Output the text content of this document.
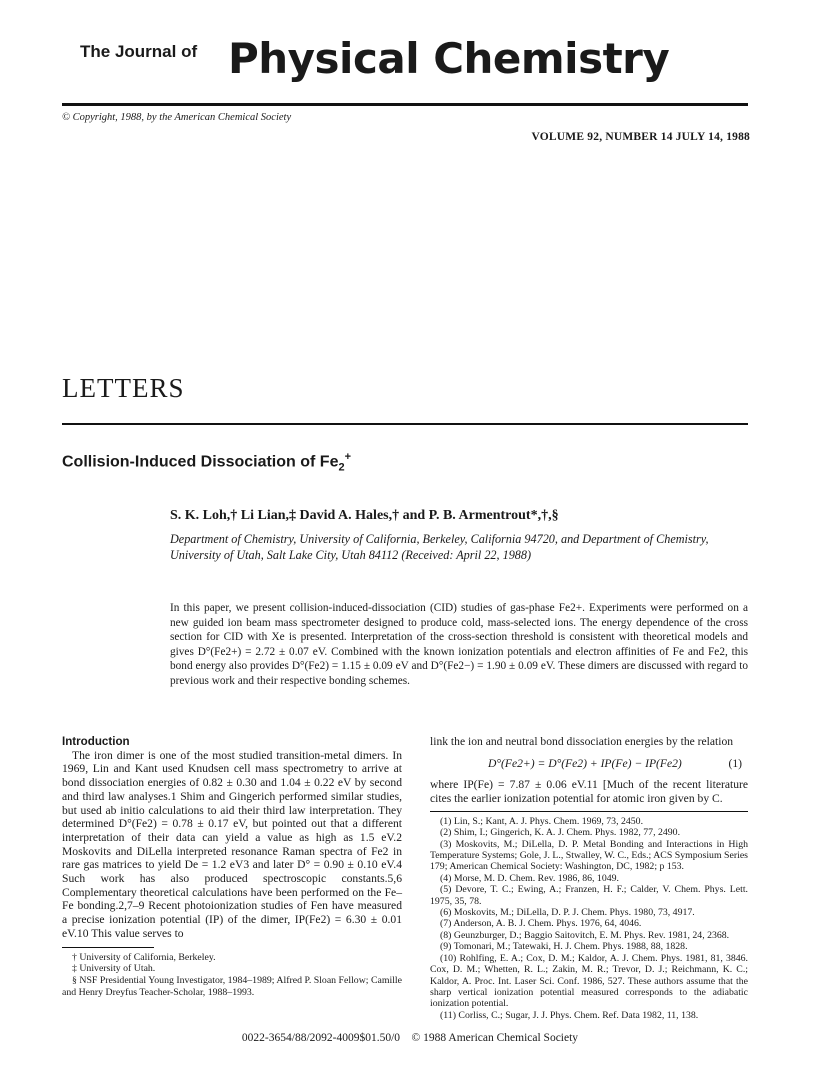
The Journal of Physical Chemistry
© Copyright, 1988, by the American Chemical Society
VOLUME 92, NUMBER 14 JULY 14, 1988
LETTERS
Collision-Induced Dissociation of $Fe_2^+$
S. K. Loh,† Li Lian,‡ David A. Hales,† and P. B. Armentrout*,†,§
Department of Chemistry, University of California, Berkeley, California 94720, and Department of Chemistry, University of Utah, Salt Lake City, Utah 84112 (Received: April 22, 1988)
In this paper, we present collision-induced-dissociation (CID) studies of gas-phase Fe2+. Experiments were performed on a new guided ion beam mass spectrometer designed to produce cold, mass-selected ions. The energy dependence of the cross section for CID with Xe is presented. Interpretation of the cross-section threshold is consistent with theoretical models and gives D°(Fe2+) = 2.72 ± 0.07 eV. Combined with the known ionization potentials and electron affinities of Fe and Fe2, this bond energy also provides D°(Fe2) = 1.15 ± 0.09 eV and D°(Fe2−) = 1.90 ± 0.09 eV. These dimers are discussed with regard to previous work and their respective bonding schemes.
Introduction
The iron dimer is one of the most studied transition-metal dimers. In 1969, Lin and Kant used Knudsen cell mass spectrometry to arrive at bond dissociation energies of 0.82 ± 0.30 and 1.04 ± 0.22 eV by second and third law analyses.1 Shim and Gingerich performed similar studies, but used ab initio calculations to aid their third law interpretation. They determined D°(Fe2) = 0.78 ± 0.17 eV, but pointed out that a different interpretation of their data can yield a value as high as 1.5 eV.2 Moskovits and DiLella interpreted resonance Raman spectra of Fe2 in rare gas matrices to yield De = 1.2 eV3 and later D° = 0.90 ± 0.10 eV.4 Such work has also produced spectroscopic constants.5,6 Complementary theoretical calculations have been performed on the Fe–Fe bonding.2,7–9 Recent photoionization studies of Fen have measured a precise ionization potential (IP) of the dimer, IP(Fe2) = 6.30 ± 0.01 eV.10 This value serves to
† University of California, Berkeley.
‡ University of Utah.
§ NSF Presidential Young Investigator, 1984–1989; Alfred P. Sloan Fellow; Camille and Henry Dreyfus Teacher-Scholar, 1988–1993.
link the ion and neutral bond dissociation energies by the relation
D°(Fe2+) = D°(Fe2) + IP(Fe) − IP(Fe2)	(1)
where IP(Fe) = 7.87 ± 0.06 eV.11 [Much of the recent literature cites the earlier ionization potential for atomic iron given by C.
(1) Lin, S.; Kant, A. J. Phys. Chem. 1969, 73, 2450.
(2) Shim, I.; Gingerich, K. A. J. Chem. Phys. 1982, 77, 2490.
(3) Moskovits, M.; DiLella, D. P. Metal Bonding and Interactions in High Temperature Systems; Gole, J. L., Stwalley, W. C., Eds.; ACS Symposium Series 179; American Chemical Society: Washington, DC, 1982; p 153.
(4) Morse, M. D. Chem. Rev. 1986, 86, 1049.
(5) Devore, T. C.; Ewing, A.; Franzen, H. F.; Calder, V. Chem. Phys. Lett. 1975, 35, 78.
(6) Moskovits, M.; DiLella, D. P. J. Chem. Phys. 1980, 73, 4917.
(7) Anderson, A. B. J. Chem. Phys. 1976, 64, 4046.
(8) Geunzburger, D.; Baggio Saitovitch, E. M. Phys. Rev. 1981, 24, 2368.
(9) Tomonari, M.; Tatewaki, H. J. Chem. Phys. 1988, 88, 1828.
(10) Rohlfing, E. A.; Cox, D. M.; Kaldor, A. J. Chem. Phys. 1981, 81, 3846. Cox, D. M.; Whetten, R. L.; Zakin, M. R.; Trevor, D. J.; Reichmann, K. C.; Kaldor, A. Proc. Int. Laser Sci. Conf. 1986, 527. These authors assume that the sharp vertical ionization potential measured corresponds to the adiabatic ionization potential.
(11) Corliss, C.; Sugar, J. J. Phys. Chem. Ref. Data 1982, 11, 138.
0022-3654/88/2092-4009$01.50/0 © 1988 American Chemical Society
